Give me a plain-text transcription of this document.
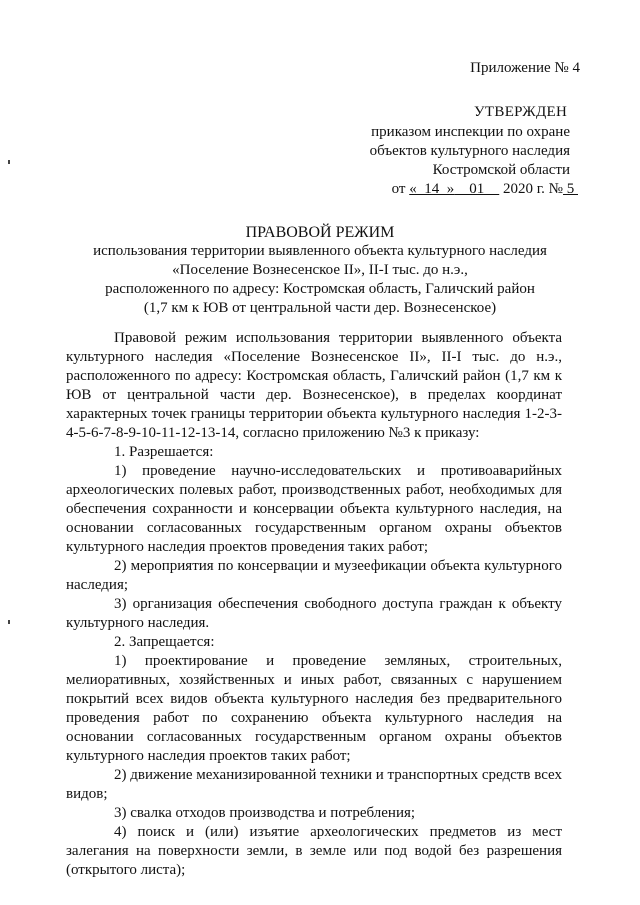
Приложение № 4
УТВЕРЖДЕН
приказом инспекции по охране
объектов культурного наследия
Костромской области
от «  14  »    01     2020 г. № 5
ПРАВОВОЙ РЕЖИМ
использования территории выявленного объекта культурного наследия
«Поселение Вознесенское II», II-I тыс. до н.э.,
расположенного по адресу: Костромская область, Галичский район
(1,7 км к ЮВ от центральной части дер. Вознесенское)

Правовой режим использования территории выявленного объекта культурного наследия «Поселение Вознесенское II», II-I тыс. до н.э., расположенного по адресу: Костромская область, Галичский район (1,7 км к ЮВ от центральной части дер. Вознесенское), в пределах координат характерных точек границы территории объекта культурного наследия 1-2-3-4-5-6-7-8-9-10-11-12-13-14, согласно приложению №3 к приказу:

1. Разрешается:

1) проведение научно-исследовательских и противоаварийных археологических полевых работ, производственных работ, необходимых для обеспечения сохранности и консервации объекта культурного наследия, на основании согласованных государственным органом охраны объектов культурного наследия проектов проведения таких работ;

2) мероприятия по консервации и музеефикации объекта культурного наследия;

3) организация обеспечения свободного доступа граждан к объекту культурного наследия.

2. Запрещается:

1) проектирование и проведение земляных, строительных, мелиоративных, хозяйственных и иных работ, связанных с нарушением покрытий всех видов объекта культурного наследия без предварительного проведения работ по сохранению объекта культурного наследия на основании согласованных государственным органом охраны объектов культурного наследия проектов таких работ;

2) движение механизированной техники и транспортных средств всех видов;

3) свалка отходов производства и потребления;

4) поиск и (или) изъятие археологических предметов из мест залегания на поверхности земли, в земле или под водой без разрешения (открытого листа);
